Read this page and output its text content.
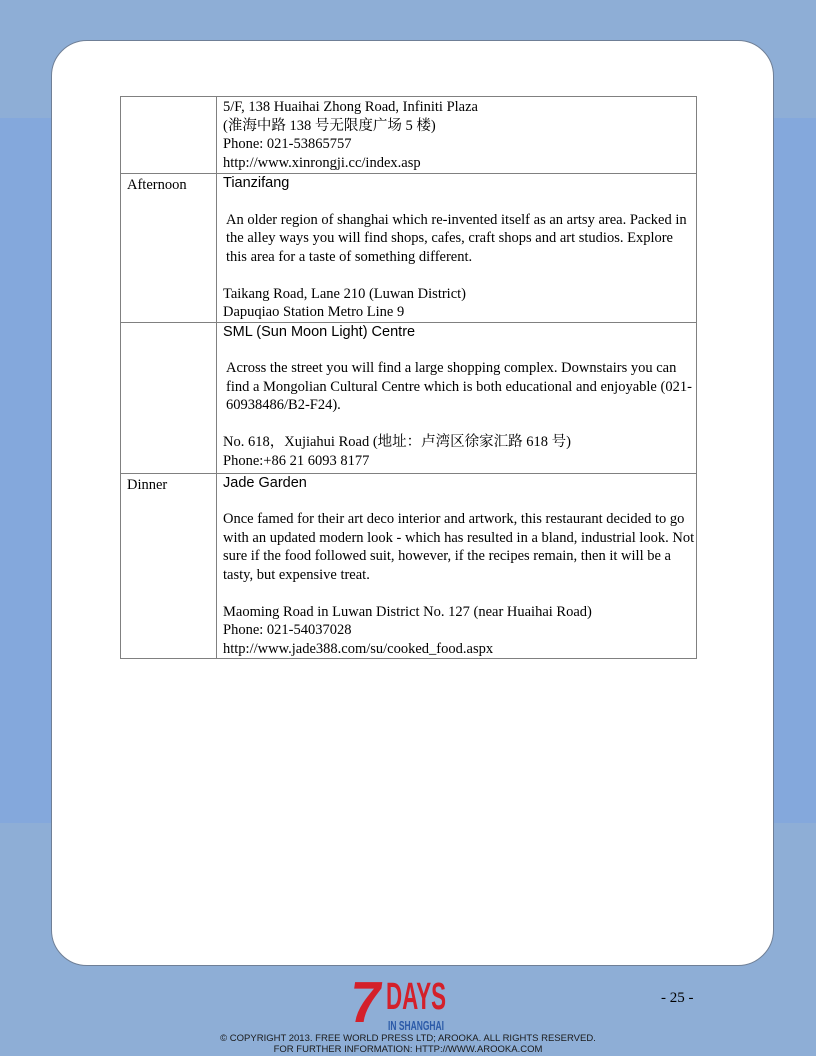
	5/F, 138 Huaihai Zhong Road, Infiniti Plaza

(淮海中路 138 号无限度广场 5 楼)

Phone: 021-53865757

http://www.xinrongji.cc/index.asp

Afternoon	Tianzifang

An older region of shanghai which re-invented itself as an artsy area. Packed in the alley ways you will find shops, cafes, craft shops and art studios. Explore this area for a taste of something different.

Taikang Road, Lane 210 (Luwan District)

Dapuqiao Station Metro Line 9

	SML (Sun Moon Light) Centre

Across the street you will find a large shopping complex. Downstairs you can find a Mongolian Cultural Centre which is both educational and enjoyable (021-60938486/B2-F24).

No. 618，Xujiahui Road (地址：卢湾区徐家汇路 618 号)

Phone:+86 21 6093 8177

Dinner	Jade Garden

Once famed for their art deco interior and artwork, this restaurant decided to go with an updated modern look - which has resulted in a bland, industrial look. Not sure if the food followed suit, however, if the recipes remain, then it will be a tasty, but expensive treat.

Maoming Road in Luwan District No. 127 (near Huaihai Road)

Phone: 021-54037028

http://www.jade388.com/su/cooked_food.aspx

7 DAYS
IN SHANGHAI
- 25 -
© COPYRIGHT 2013. FREE WORLD PRESS LTD; AROOKA. ALL RIGHTS RESERVED.
FOR FURTHER INFORMATION: HTTP://WWW.AROOKA.COM
